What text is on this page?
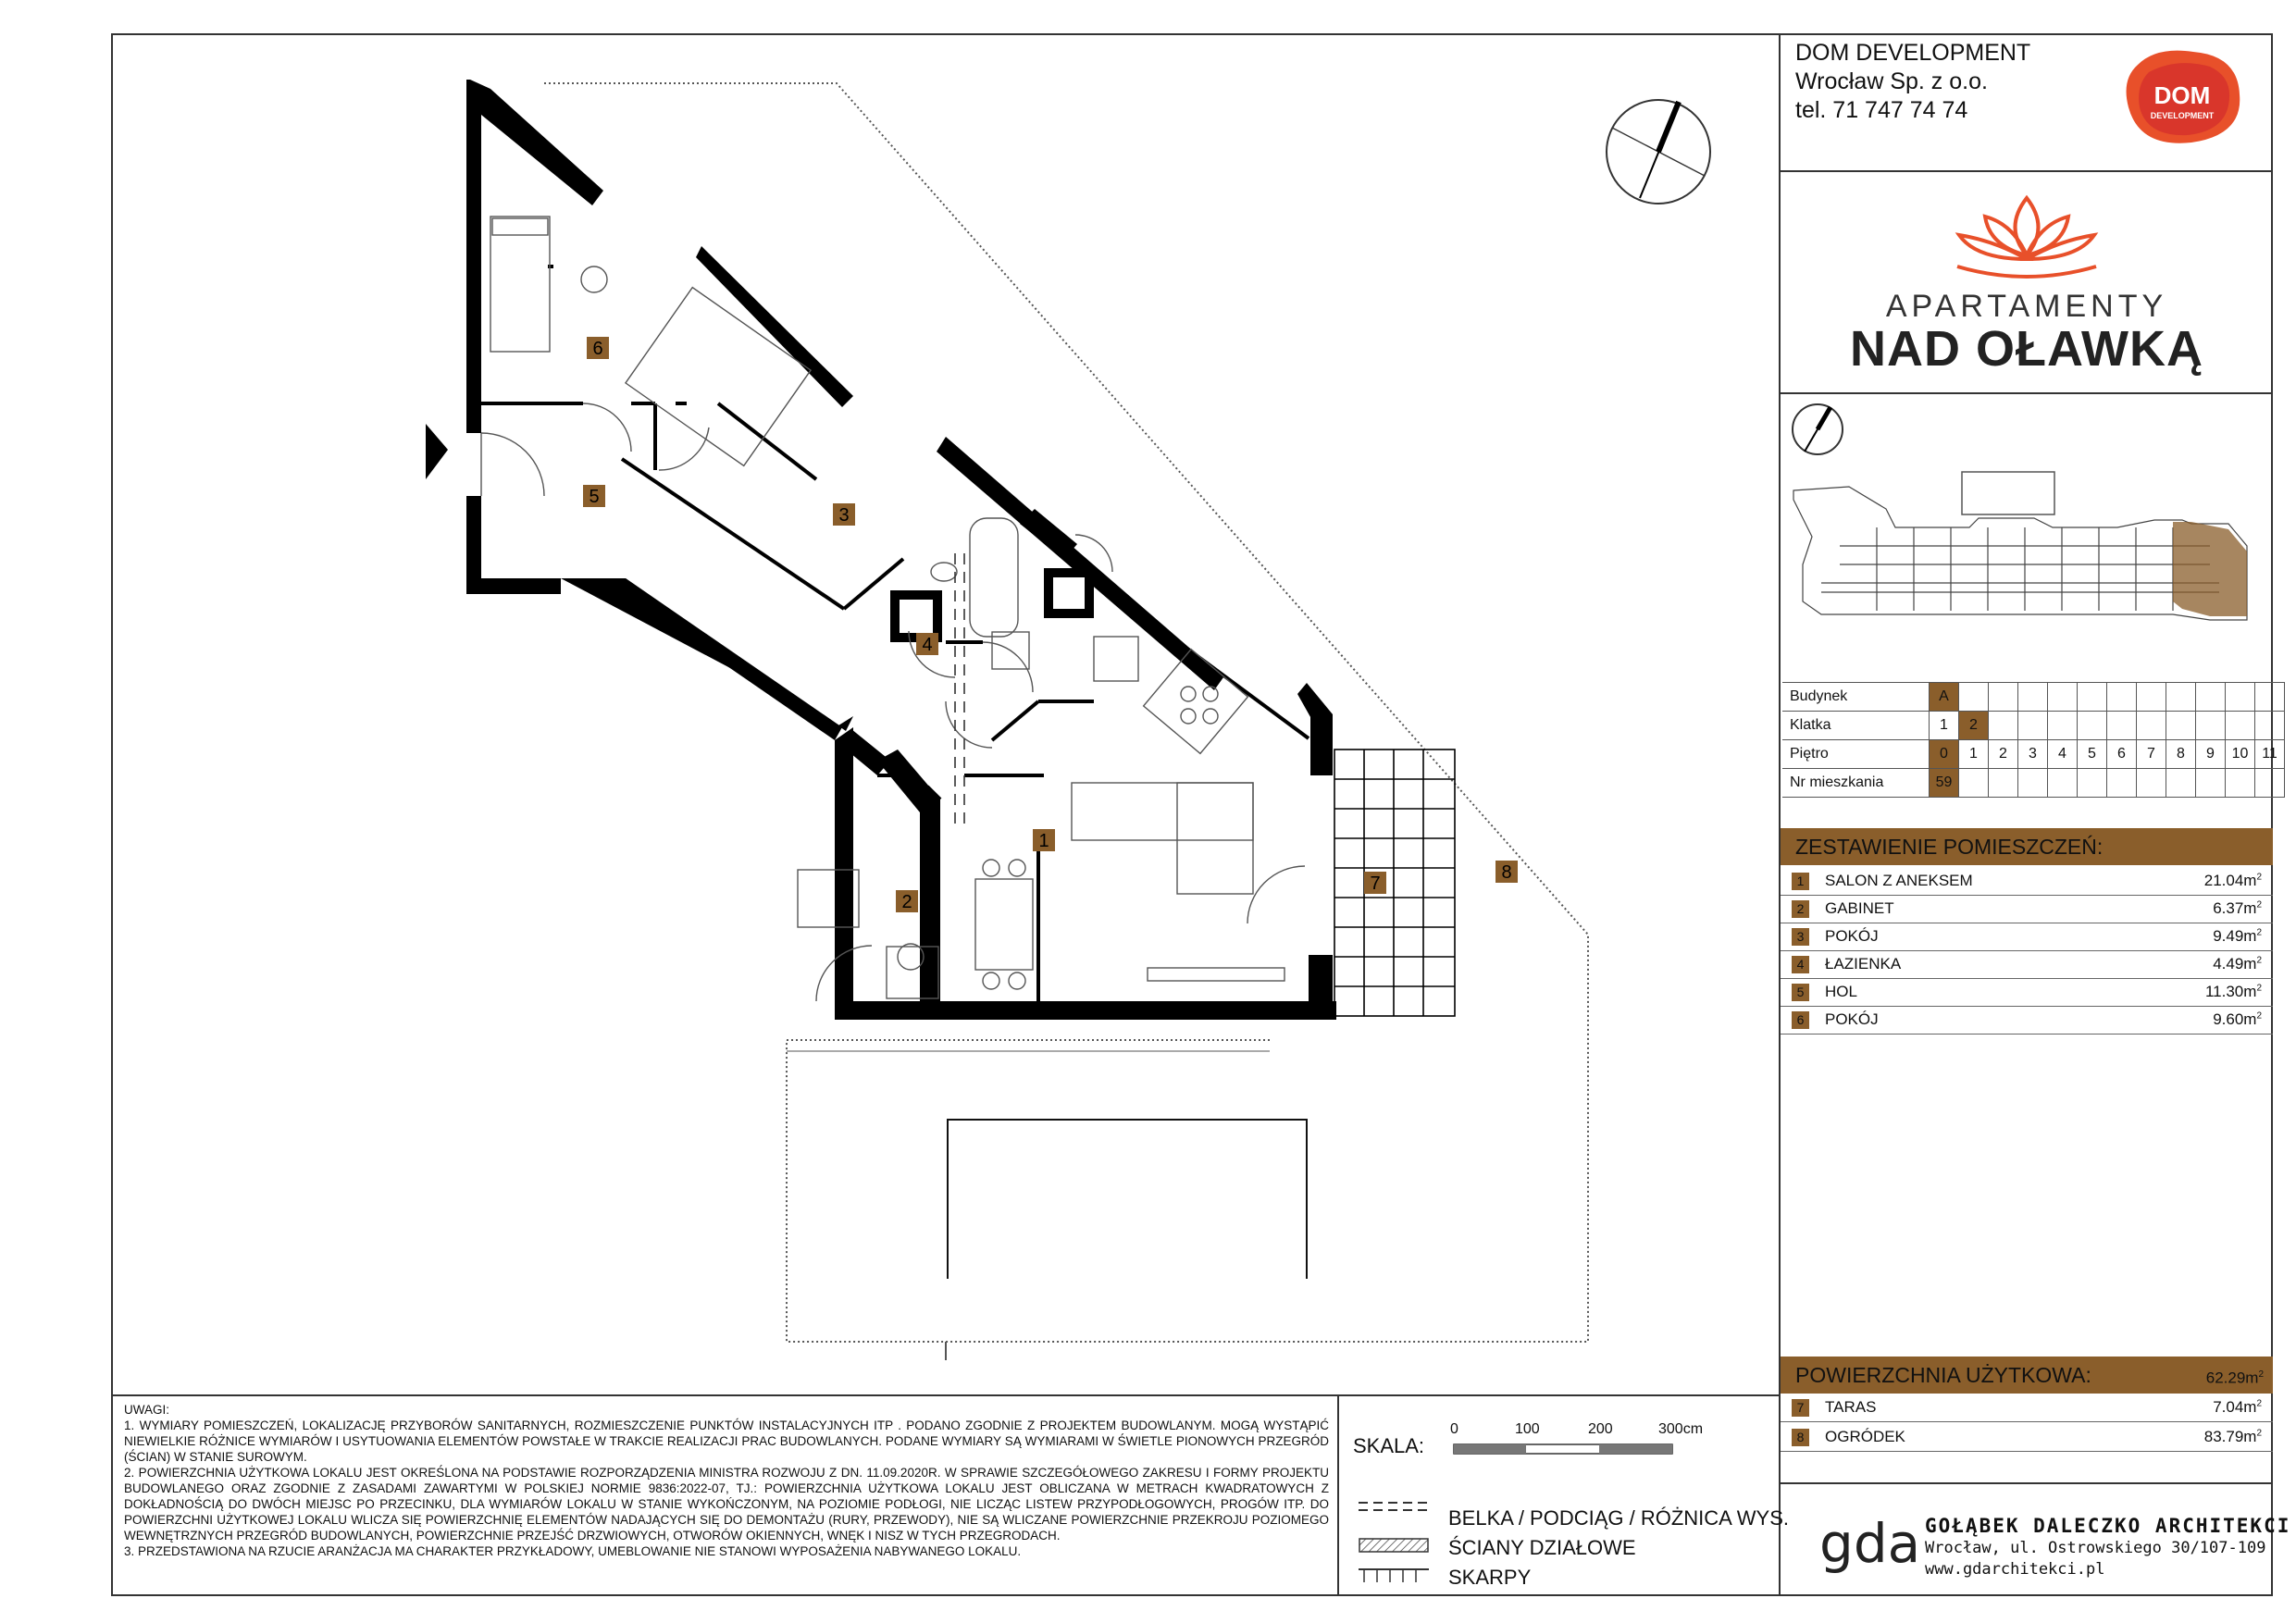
1
2
3
4
5
6
7
8
DOM DEVELOPMENT
Wrocław Sp. z o.o.
tel. 71 747 74 74
DOM
DEVELOPMENT
APARTAMENTY
NAD OŁAWKĄ
Budynek	A											
Klatka	1	2										
Piętro	0	1	2	3	4	5	6	7	8	9	10	11
Nr mieszkania	59											
ZESTAWIENIE POMIESZCZEŃ:
1	SALON Z ANEKSEM	$21.04m^2$
2	GABINET	$6.37m^2$
3	POKÓJ	$9.49m^2$
4	ŁAZIENKA	$4.49m^2$
5	HOL	$11.30m^2$
6	POKÓJ	$9.60m^2$
POWIERZCHNIA UŻYTKOWA:	$62.29m^2$
7	TARAS	$7.04m^2$
8	OGRÓDEK	$83.79m^2$

UWAGI:

1. WYMIARY POMIESZCZEŃ, LOKALIZACJĘ PRZYBORÓW SANITARNYCH, ROZMIESZCZENIE PUNKTÓW INSTALACYJNYCH ITP . PODANO ZGODNIE Z PROJEKTEM BUDOWLANYM. MOGĄ WYSTĄPIĆ NIEWIELKIE RÓŻNICE WYMIARÓW I USYTUOWANIA ELEMENTÓW POWSTAŁE W TRAKCIE REALIZACJI PRAC BUDOWLANYCH. PODANE WYMIARY SĄ WYMIARAMI W ŚWIETLE PIONOWYCH PRZEGRÓD (ŚCIAN) W STANIE SUROWYM.

2. POWIERZCHNIA UŻYTKOWA LOKALU JEST OKREŚLONA NA PODSTAWIE ROZPORZĄDZENIA MINISTRA ROZWOJU Z DN. 11.09.2020R. W SPRAWIE SZCZEGÓŁOWEGO ZAKRESU I FORMY PROJEKTU BUDOWLANEGO ORAZ ZGODNIE Z ZASADAMI ZAWARTYMI W POLSKIEJ NORMIE 9836:2022-07, TJ.: POWIERZCHNIA UŻYTKOWA LOKALU JEST OBLICZANA W METRACH KWADRATOWYCH Z DOKŁADNOŚCIĄ DO DWÓCH MIEJSC PO PRZECINKU, DLA WYMIARÓW LOKALU W STANIE WYKOŃCZONYM, NA POZIOMIE PODŁOGI, NIE LICZĄC LISTEW PRZYPODŁOGOWYCH, PROGÓW ITP. DO POWIERZCHNI UŻYTKOWEJ LOKALU WLICZA SIĘ POWIERZCHNIĘ ELEMENTÓW NADAJĄCYCH SIĘ DO DEMONTAŻU (RURY, PRZEWODY), NIE SĄ WLICZANE POWIERZCHNIE PRZEKROJU POZIOMEGO WEWNĘTRZNYCH PRZEGRÓD BUDOWLANYCH, POWIERZCHNIE PRZEJŚĆ DRZWIOWYCH, OTWORÓW OKIENNYCH, WNĘK I NISZ W TYCH PRZEGRODACH.

3. PRZEDSTAWIONA NA RZUCIE ARANŻACJA MA CHARAKTER PRZYKŁADOWY, UMEBLOWANIE NIE STANOWI WYPOSAŻENIA NABYWANEGO LOKALU.

SKALA:
0	100	200	300cm
BELKA / PODCIĄG / RÓŻNICA WYS.
ŚCIANY DZIAŁOWE
SKARPY
gda GOŁĄBEK DALECZKO ARCHITEKCI
Wrocław, ul. Ostrowskiego 30/107-109
www.gdarchitekci.pl
